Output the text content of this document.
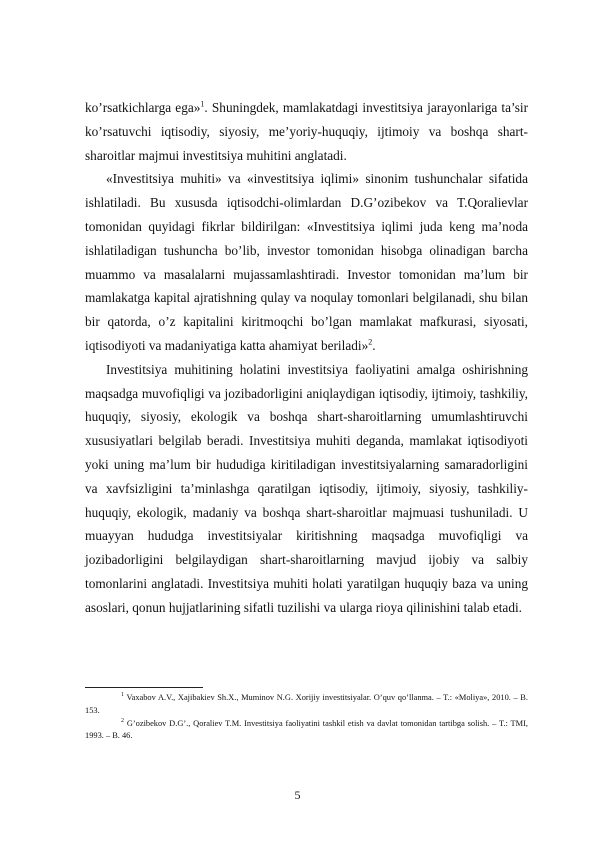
ko’rsatkichlarga ega»$^1$. Shuningdek, mamlakatdagi investitsiya jarayonlariga ta’sir ko’rsatuvchi iqtisodiy, siyosiy, me’yoriy-huquqiy, ijtimoiy va boshqa shart-sharoitlar majmui investitsiya muhitini anglatadi.

«Investitsiya muhiti» va «investitsiya iqlimi» sinonim tushunchalar sifatida ishlatiladi. Bu xususda iqtisodchi-olimlardan D.G’ozibekov va T.Qoralievlar tomonidan quyidagi fikrlar bildirilgan: «Investitsiya iqlimi juda keng ma’noda ishlatiladigan tushuncha bo’lib, investor tomonidan hisobga olinadigan barcha muammo va masalalarni mujassamlashtiradi. Investor tomonidan ma’lum bir mamlakatga kapital ajratishning qulay va noqulay tomonlari belgilanadi, shu bilan bir qatorda, o’z kapitalini kiritmoqchi bo’lgan mamlakat mafkurasi, siyosati, iqtisodiyoti va madaniyatiga katta ahamiyat beriladi»$^2$.

Investitsiya muhitining holatini investitsiya faoliyatini amalga oshirishning maqsadga muvofiqligi va jozibadorligini aniqlaydigan iqtisodiy, ijtimoiy, tashkiliy, huquqiy, siyosiy, ekologik va boshqa shart-sharoitlarning umumlashtiruvchi xususiyatlari belgilab beradi. Investitsiya muhiti deganda, mamlakat iqtisodiyoti yoki uning ma’lum bir hududiga kiritiladigan investitsiyalarning samaradorligini va xavfsizligini ta’minlashga qaratilgan iqtisodiy, ijtimoiy, siyosiy, tashkiliy-huquqiy, ekologik, madaniy va boshqa shart-sharoitlar majmuasi tushuniladi. U muayyan hududga investitsiyalar kiritishning maqsadga muvofiqligi va jozibadorligini belgilaydigan shart-sharoitlarning mavjud ijobiy va salbiy tomonlarini anglatadi. Investitsiya muhiti holati yaratilgan huquqiy baza va uning asoslari, qonun hujjatlarining sifatli tuzilishi va ularga rioya qilinishini talab etadi.

$^1$ Vaxabov A.V., Xajibakiev Sh.X., Muminov N.G. Xorijiy investitsiyalar. O’quv qo’llanma. – T.: «Moliya», 2010. – B. 153.

$^2$ G’ozibekov D.G’., Qoraliev T.M. Investitsiya faoliyatini tashkil etish va davlat tomonidan tartibga solish. – T.: TMI, 1993. – B. 46.

5
